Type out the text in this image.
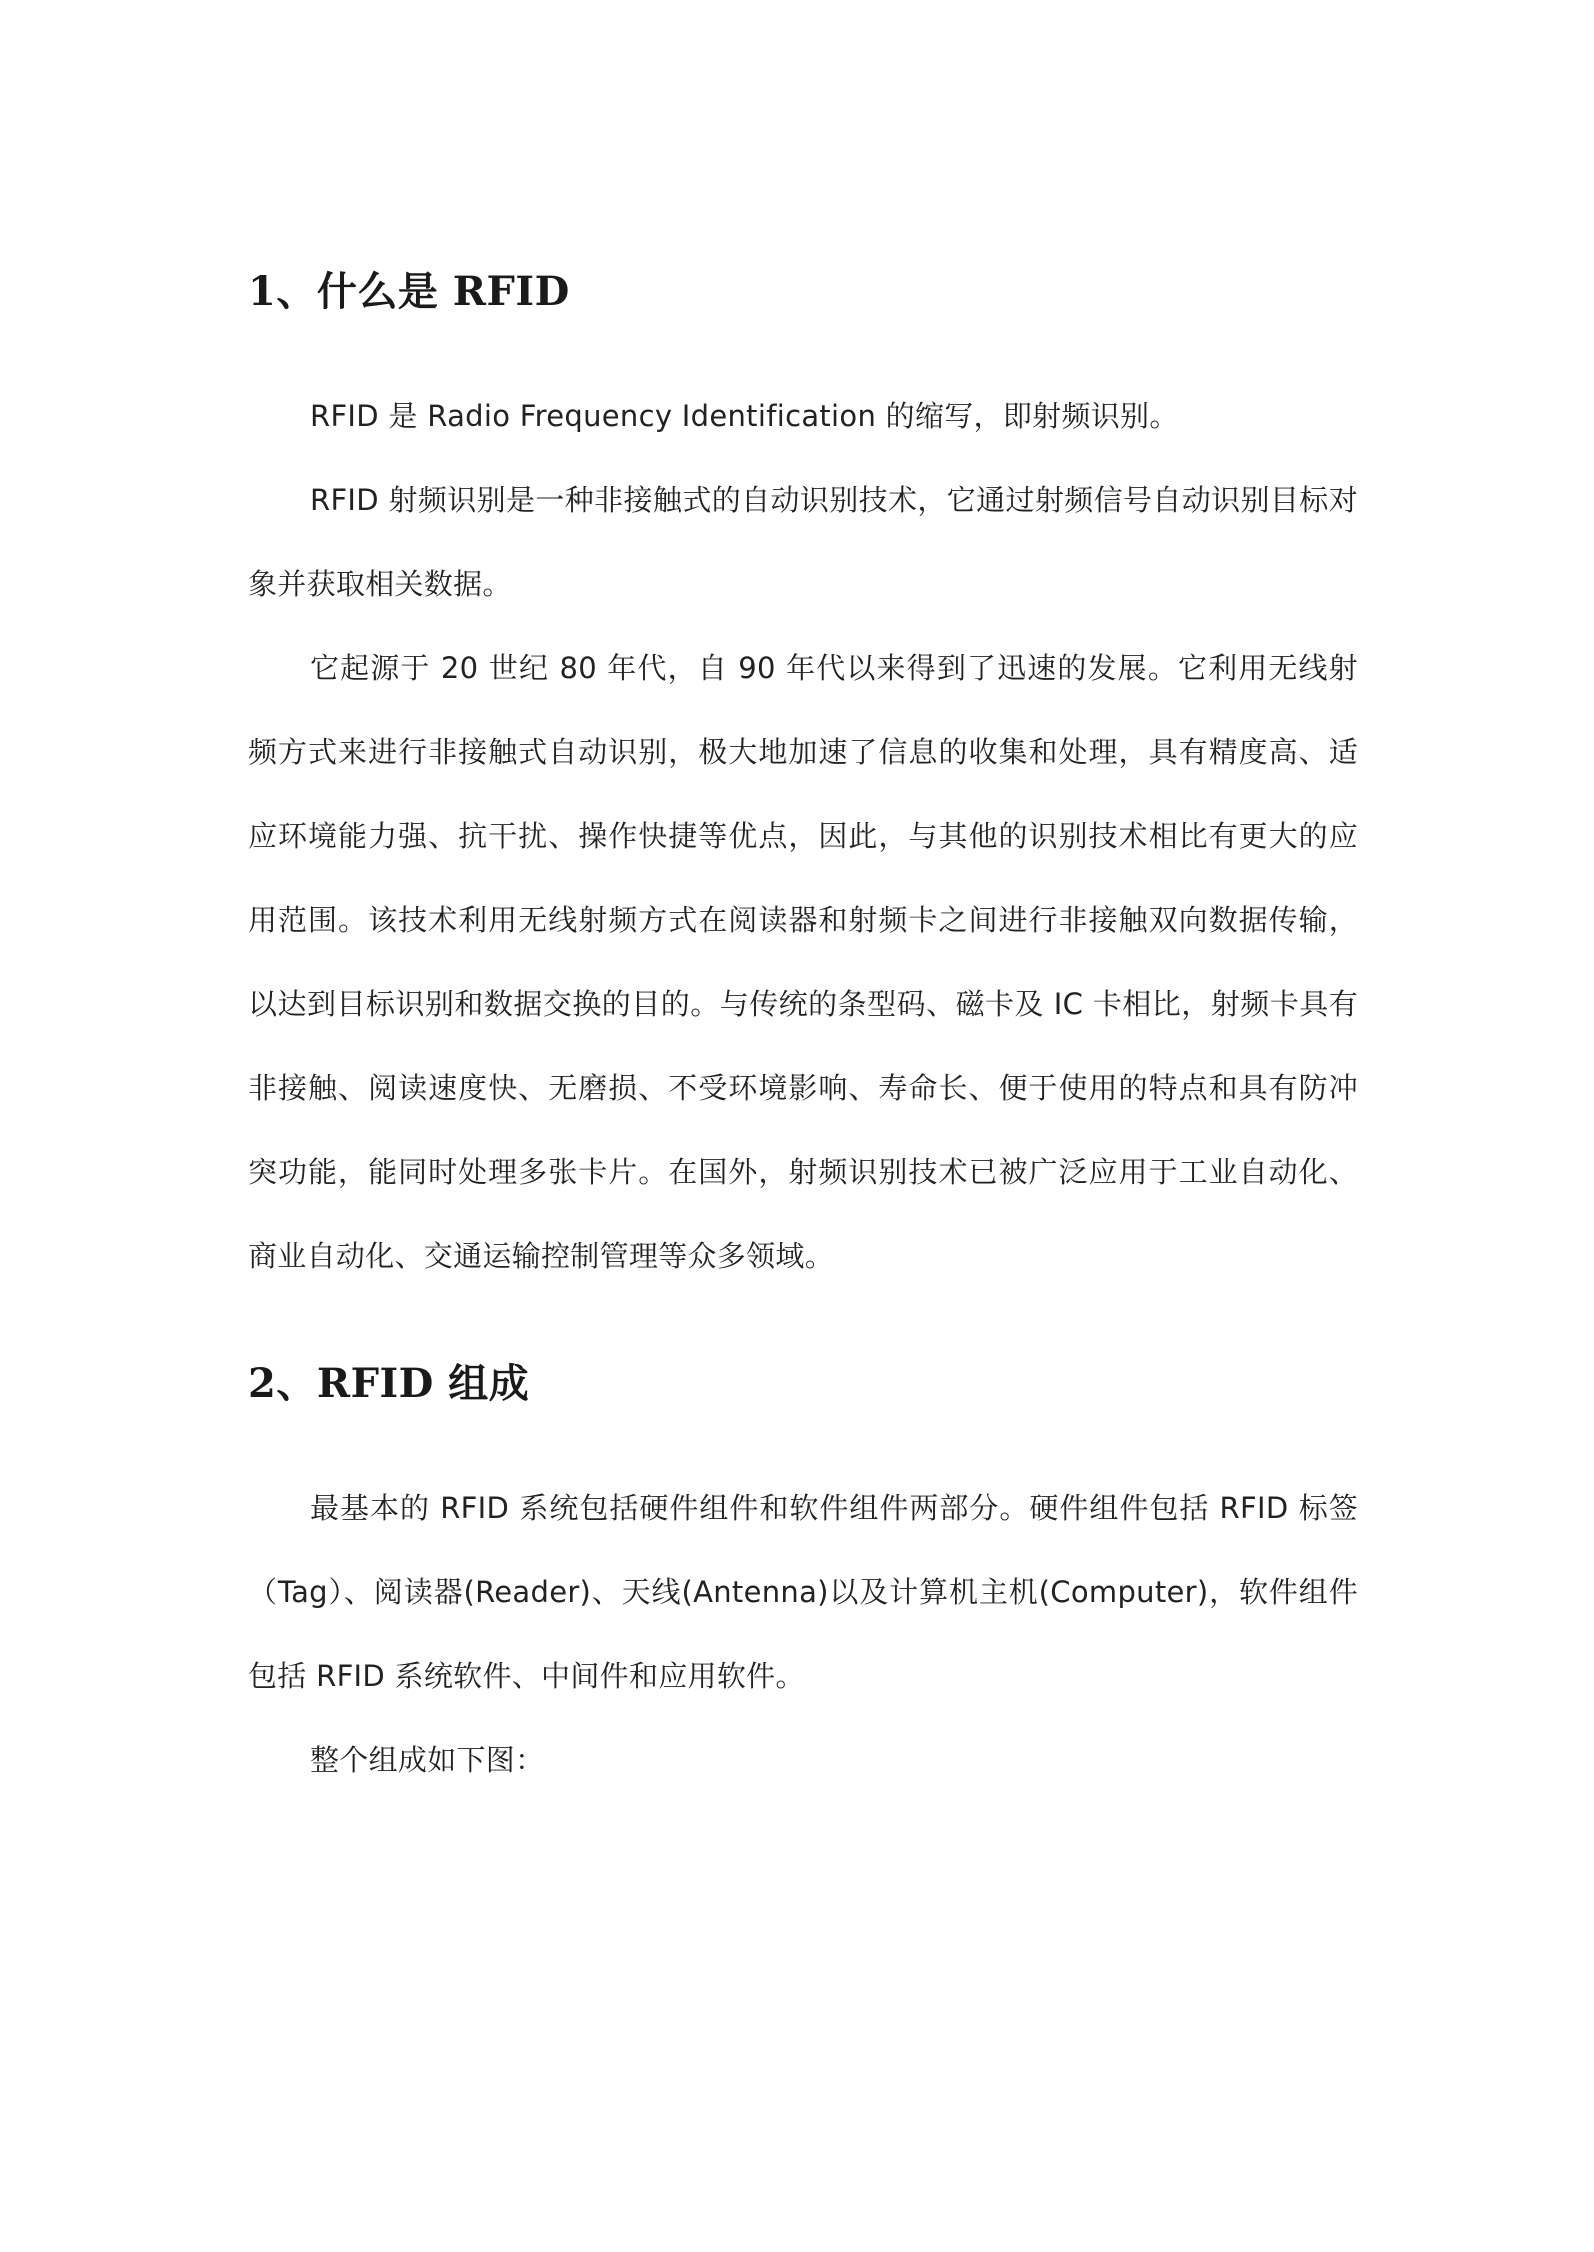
1、什么是 RFID

RFID 是 Radio Frequency Identification 的缩写，即射频识别。

RFID 射频识别是一种非接触式的自动识别技术，它通过射频信号自动识别目标对象并获取相关数据。

它起源于 20 世纪 80 年代，自 90 年代以来得到了迅速的发展。它利用无线射频方式来进行非接触式自动识别，极大地加速了信息的收集和处理，具有精度高、适应环境能力强、抗干扰、操作快捷等优点，因此，与其他的识别技术相比有更大的应用范围。该技术利用无线射频方式在阅读器和射频卡之间进行非接触双向数据传输，以达到目标识别和数据交换的目的。与传统的条型码、磁卡及 IC 卡相比，射频卡具有非接触、阅读速度快、无磨损、不受环境影响、寿命长、便于使用的特点和具有防冲突功能，能同时处理多张卡片。在国外，射频识别技术已被广泛应用于工业自动化、商业自动化、交通运输控制管理等众多领域。

2、RFID 组成

最基本的 RFID 系统包括硬件组件和软件组件两部分。硬件组件包括 RFID 标签（Tag）、阅读器(Reader)、天线(Antenna)以及计算机主机(Computer)，软件组件包括 RFID 系统软件、中间件和应用软件。

整个组成如下图：
